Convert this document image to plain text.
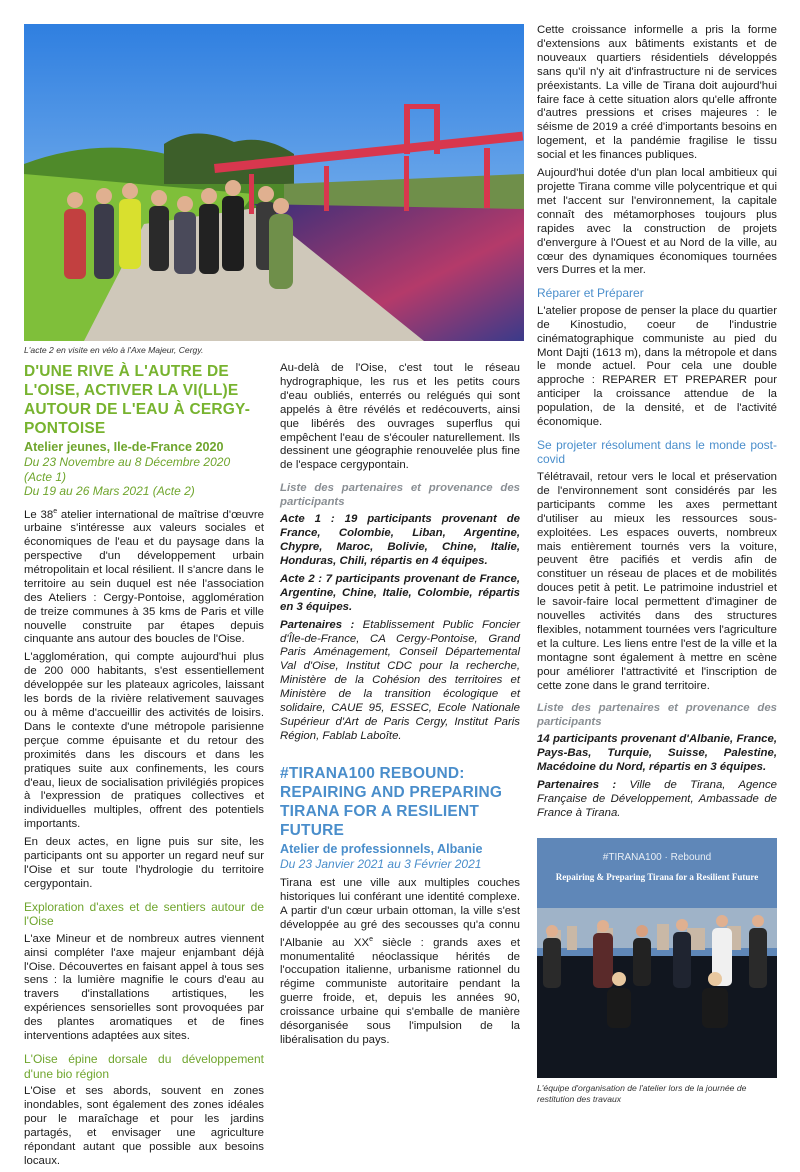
L'acte 2 en visite en vélo à l'Axe Majeur, Cergy.
D'UNE RIVE À L'AUTRE DE L'OISE, ACTIVER LA VI(LL)E AUTOUR DE L'EAU À CERGY-PONTOISE
Atelier jeunes, Ile-de-France 2020
Du 23 Novembre au 8 Décembre 2020
(Acte 1)
Du 19 au 26 Mars 2021 (Acte 2)

Le 38e atelier international de maîtrise d'œuvre urbaine s'intéresse aux valeurs sociales et économiques de l'eau et du paysage dans la perspective d'un développement urbain métropolitain et local résilient. Il s'ancre dans le territoire au sein duquel est née l'association des Ateliers : Cergy-Pontoise, agglomération de treize communes à 35 kms de Paris et ville nouvelle construite par étapes depuis cinquante ans autour des boucles de l'Oise.

L'agglomération, qui compte aujourd'hui plus de 200 000 habitants, s'est essentiellement développée sur les plateaux agricoles, laissant les bords de la rivière relativement sauvages ou à même d'accueillir des activités de loisirs. Dans le contexte d'une métropole parisienne perçue comme épuisante et du retour des proximités dans les discours et dans les pratiques suite aux confinements, les cours d'eau, lieux de socialisation privilégiés propices à l'expression de pratiques collectives et individuelles multiples, offrent des potentiels importants.

En deux actes, en ligne puis sur site, les participants ont su apporter un regard neuf sur l'Oise et sur toute l'hydrologie du territoire cergypontain.

Exploration d'axes et de sentiers autour de l'Oise

L'axe Mineur et de nombreux autres viennent ainsi compléter l'axe majeur enjambant déjà l'Oise. Découvertes en faisant appel à tous ses sens : la lumière magnifie le cours d'eau au travers d'installations artistiques, les expériences sensorielles sont provoquées par des plantes aromatiques et de fines interventions adaptées aux sites.

L'Oise épine dorsale du développement d'une bio région

L'Oise et ses abords, souvent en zones inondables, sont également des zones idéales pour le maraîchage et pour les jardins partagés, et envisager une agriculture répondant autant que possible aux besoins locaux.

Au-delà de l'Oise, c'est tout le réseau hydrographique, les rus et les petits cours d'eau oubliés, enterrés ou relégués qui sont appelés à être révélés et redécouverts, ainsi que libérés des ouvrages superflus qui empêchent l'eau de s'écouler naturellement. Ils dessinent une géographie renouvelée plus fine de l'espace cergypontain.

Liste des partenaires et provenance des participants

Acte 1 : 19 participants provenant de France, Colombie, Liban, Argentine, Chypre, Maroc, Bolivie, Chine, Italie, Honduras, Chili, répartis en 4 équipes.

Acte 2 : 7 participants provenant de France, Argentine, Chine, Italie, Colombie, répartis en 3 équipes.

Partenaires : Etablissement Public Foncier d'Île-de-France, CA Cergy-Pontoise, Grand Paris Aménagement, Conseil Départemental Val d'Oise, Institut CDC pour la recherche, Ministère de la Cohésion des territoires et Ministère de la transition écologique et solidaire, CAUE 95, ESSEC, Ecole Nationale Supérieur d'Art de Paris Cergy, Institut Paris Région, Fablab Laboîte.

#TIRANA100 REBOUND: REPAIRING AND PREPARING TIRANA FOR A RESILIENT FUTURE
Atelier de professionnels, Albanie
Du 23 Janvier 2021 au 3 Février 2021

Tirana est une ville aux multiples couches historiques lui conférant une identité complexe. A partir d'un cœur urbain ottoman, la ville s'est développée au gré des secousses qu'a connu l'Albanie au XXe siècle : grands axes et monumentalité néoclassique hérités de l'occupation italienne, urbanisme rationnel du régime communiste autoritaire pendant la guerre froide, et, depuis les années 90, croissance urbaine qui s'emballe de manière désorganisée sous l'impulsion de la libéralisation du pays.

Cette croissance informelle a pris la forme d'extensions aux bâtiments existants et de nouveaux quartiers résidentiels développés sans qu'il n'y ait d'infrastructure ni de services préexistants. La ville de Tirana doit aujourd'hui faire face à cette situation alors qu'elle affronte d'autres pressions et crises majeures : le séisme de 2019 a créé d'importants besoins en logement, et la pandémie fragilise le tissu social et les finances publiques.

Aujourd'hui dotée d'un plan local ambitieux qui projette Tirana comme ville polycentrique et qui met l'accent sur l'environnement, la capitale connaît des métamorphoses toujours plus rapides avec la construction de projets d'envergure à l'Ouest et au Nord de la ville, au cœur des dynamiques économiques tournées vers Durres et la mer.

Réparer et Préparer

L'atelier propose de penser la place du quartier de Kinostudio, coeur de l'industrie cinématographique communiste au pied du Mont Dajti (1613 m), dans la métropole et dans le monde actuel. Pour cela une double approche : REPARER ET PREPARER pour anticiper la croissance attendue de la population, de la densité, et de l'activité économique.

Se projeter résolument dans le monde post-covid

Télétravail, retour vers le local et préservation de l'environnement sont considérés par les participants comme les axes permettant d'utiliser au mieux les ressources sous-exploitées. Les espaces ouverts, nombreux mais entièrement tournés vers la voiture, peuvent être pacifiés et verdis afin de constituer un réseau de places et de mobilités douces petit à petit. Le patrimoine industriel et le savoir-faire local permettent d'imaginer de nouvelles activités dans des structures flexibles, notamment tournées vers l'agriculture et la culture. Les liens entre l'est de la ville et la montagne sont également à mettre en scène pour améliorer l'attractivité et l'inscription de cette zone dans le grand territoire.

Liste des partenaires et provenance des participants

14 participants provenant d'Albanie, France, Pays-Bas, Turquie, Suisse, Palestine, Macédoine du Nord, répartis en 3 équipes.

Partenaires : Ville de Tirana, Agence Française de Développement, Ambassade de France à Tirana.

#TIRANA100 · Rebound
Repairing & Preparing Tirana for a Resilient Future
L'équipe d'organisation de l'atelier lors de la journée de
restitution des travaux
